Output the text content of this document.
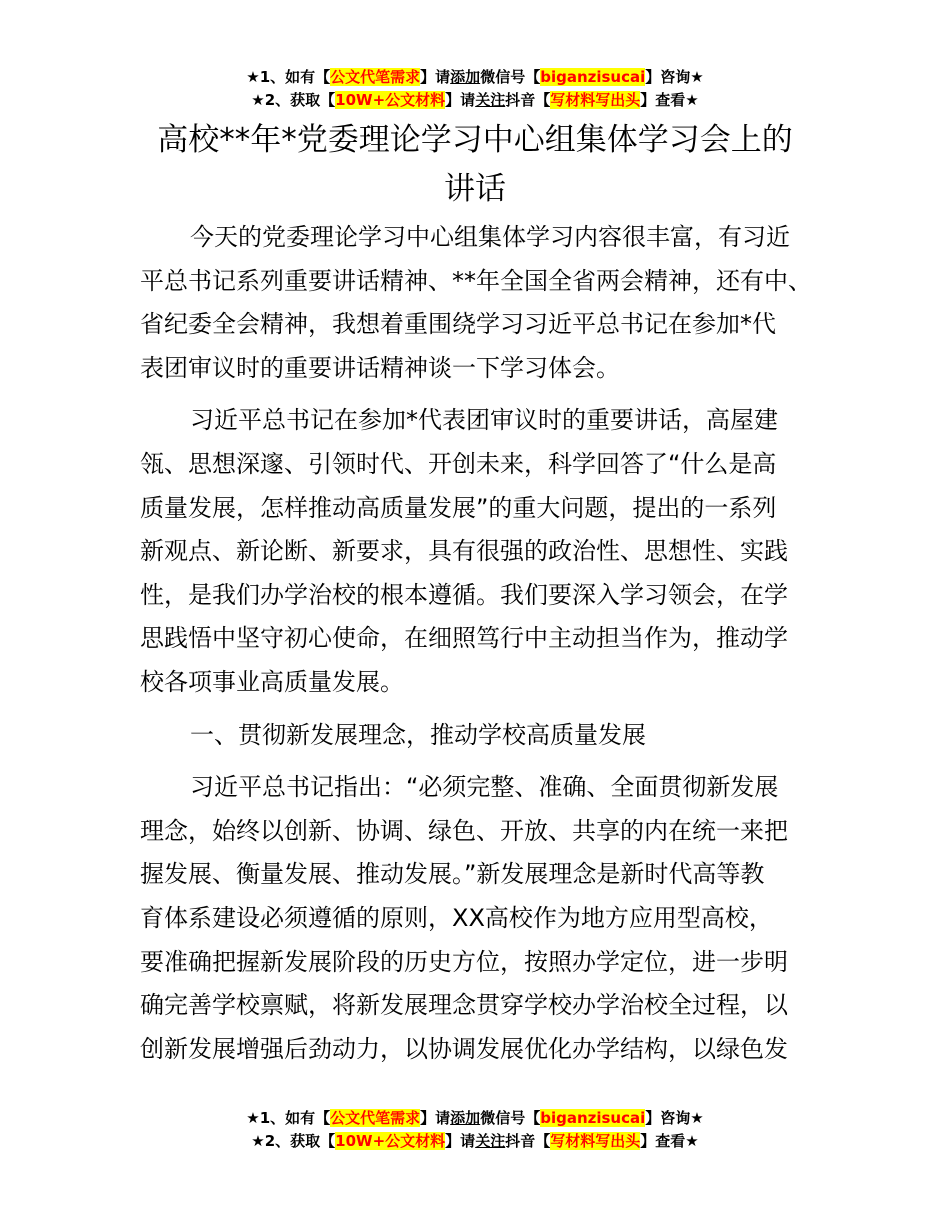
★1、如有【公文代笔需求】请添加微信号【biganzisucai】咨询★
★2、获取【10W+公文材料】请关注抖音【写材料写出头】查看★
高校**年*党委理论学习中心组集体学习会上的
讲话
今天的党委理论学习中心组集体学习内容很丰富，有习近
平总书记系列重要讲话精神、**年全国全省两会精神，还有中、
省纪委全会精神，我想着重围绕学习习近平总书记在参加*代
表团审议时的重要讲话精神谈一下学习体会。
习近平总书记在参加*代表团审议时的重要讲话，高屋建
瓴、思想深邃、引领时代、开创未来，科学回答了“什么是高
质量发展，怎样推动高质量发展”的重大问题，提出的一系列
新观点、新论断、新要求，具有很强的政治性、思想性、实践
性，是我们办学治校的根本遵循。我们要深入学习领会，在学
思践悟中坚守初心使命，在细照笃行中主动担当作为，推动学
校各项事业高质量发展。
一、贯彻新发展理念，推动学校高质量发展
习近平总书记指出：“必须完整、准确、全面贯彻新发展
理念，始终以创新、协调、绿色、开放、共享的内在统一来把
握发展、衡量发展、推动发展。”新发展理念是新时代高等教
育体系建设必须遵循的原则，XX高校作为地方应用型高校，
要准确把握新发展阶段的历史方位，按照办学定位，进一步明
确完善学校禀赋，将新发展理念贯穿学校办学治校全过程，以
创新发展增强后劲动力，以协调发展优化办学结构，以绿色发
★1、如有【公文代笔需求】请添加微信号【biganzisucai】咨询★
★2、获取【10W+公文材料】请关注抖音【写材料写出头】查看★
